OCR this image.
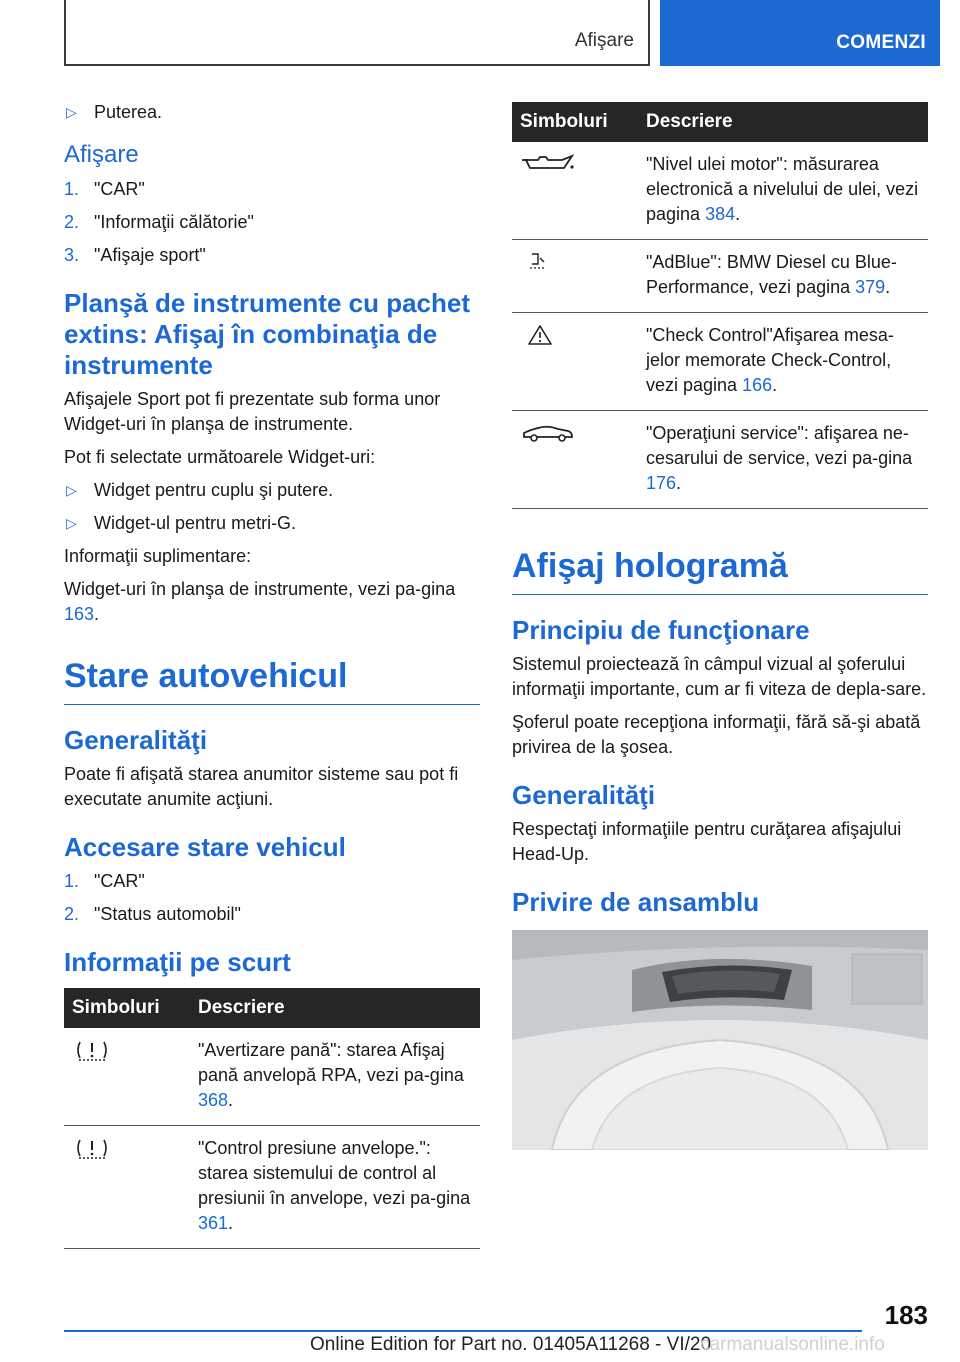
Afişare	COMENZI
▷ Puterea.
Afişare
1. "CAR"
2. "Informaţii călătorie"
3. "Afişaje sport"
Planşă de instrumente cu pachet extins: Afişaj în combinaţia de instrumente

Afişajele Sport pot fi prezentate sub forma unor Widget-uri în planşa de instrumente.

Pot fi selectate următoarele Widget-uri:

▷ Widget pentru cuplu şi putere.
▷ Widget-ul pentru metri-G.

Informaţii suplimentare:

Widget-uri în planşa de instrumente, vezi pa-gina 163.

Stare autovehicul
Generalităţi

Poate fi afişată starea anumitor sisteme sau pot fi executate anumite acţiuni.

Accesare stare vehicul
1. "CAR"
2. "Status automobil"
Informaţii pe scurt
Simboluri	Descriere

	"Avertizare pană": starea Afişaj pană anvelopă RPA, vezi pa-gina 368.

	"Control presiune anvelope.": starea sistemului de control al presiunii în anvelope, vezi pa-gina 361.
Simboluri	Descriere

	"Nivel ulei motor": măsurarea electronică a nivelului de ulei, vezi pagina 384.

	"AdBlue": BMW Diesel cu Blue-Performance, vezi pagina 379.

	"Check Control"Afişarea mesa-jelor memorate Check-Control, vezi pagina 166.

	"Operaţiuni service": afişarea ne-cesarului de service, vezi pa-gina 176.
Afişaj hologramă
Principiu de funcţionare

Sistemul proiectează în câmpul vizual al şoferului informaţii importante, cum ar fi viteza de depla-sare.

Şoferul poate recepţiona informaţii, fără să-şi abată privirea de la şosea.

Generalităţi

Respectaţi informaţiile pentru curăţarea afişajului Head-Up.

Privire de ansamblu
183
Online Edition for Part no. 01405A11268 - VI/20
carmanualsonline.info
